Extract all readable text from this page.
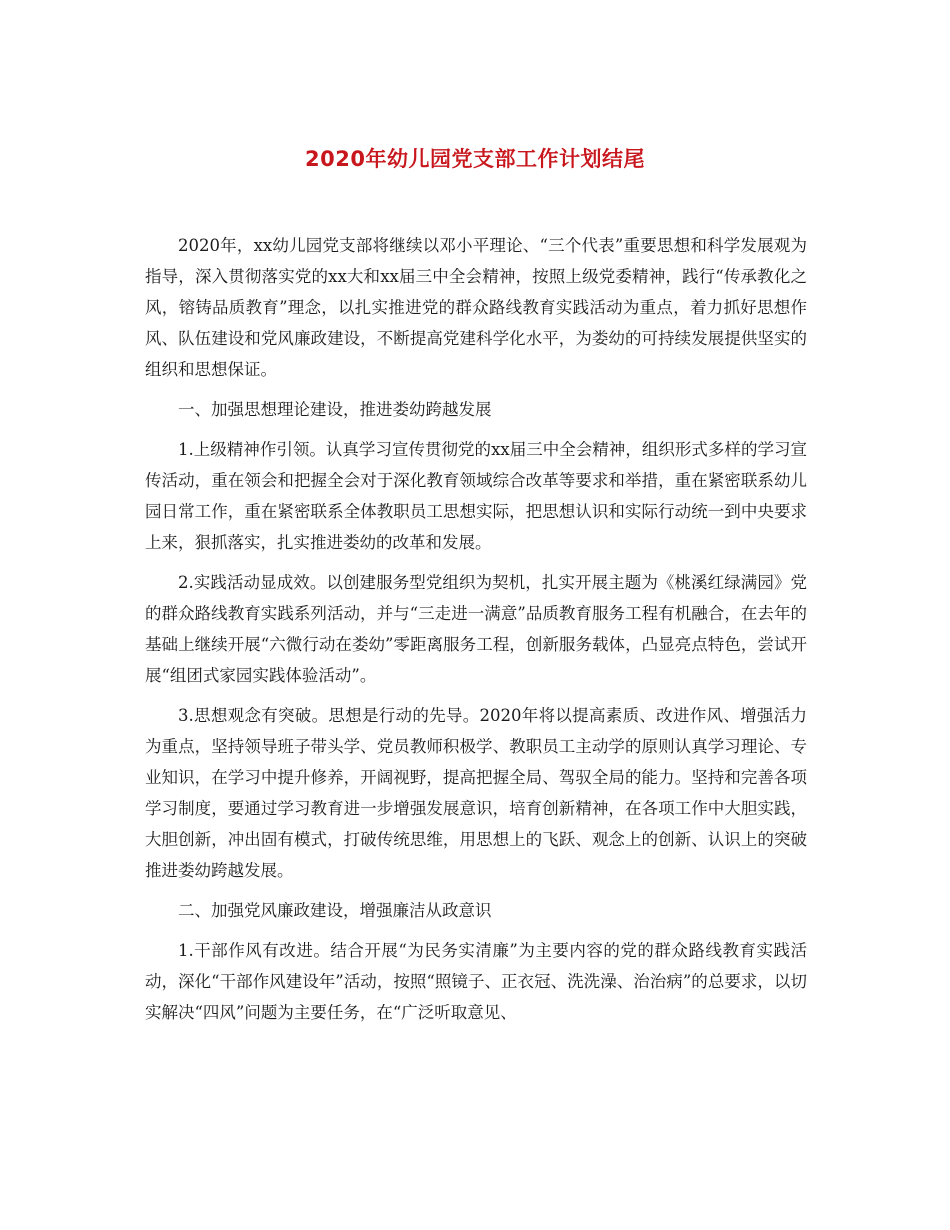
2020年幼儿园党支部工作计划结尾

2020年，xx幼儿园党支部将继续以邓小平理论、“三个代表”重要思想和科学发展观为指导，深入贯彻落实党的xx大和xx届三中全会精神，按照上级党委精神，践行“传承教化之风，镕铸品质教育”理念，以扎实推进党的群众路线教育实践活动为重点，着力抓好思想作风、队伍建设和党风廉政建设，不断提高党建科学化水平，为娄幼的可持续发展提供坚实的组织和思想保证。

一、加强思想理论建设，推进娄幼跨越发展

1.上级精神作引领。认真学习宣传贯彻党的xx届三中全会精神，组织形式多样的学习宣传活动，重在领会和把握全会对于深化教育领域综合改革等要求和举措，重在紧密联系幼儿园日常工作，重在紧密联系全体教职员工思想实际，把思想认识和实际行动统一到中央要求上来，狠抓落实，扎实推进娄幼的改革和发展。

2.实践活动显成效。以创建服务型党组织为契机，扎实开展主题为《桃溪红绿满园》党的群众路线教育实践系列活动，并与“三走进一满意”品质教育服务工程有机融合，在去年的基础上继续开展“六微行动在娄幼”零距离服务工程，创新服务载体，凸显亮点特色，尝试开展“组团式家园实践体验活动”。

3.思想观念有突破。思想是行动的先导。2020年将以提高素质、改进作风、增强活力为重点，坚持领导班子带头学、党员教师积极学、教职员工主动学的原则认真学习理论、专业知识，在学习中提升修养，开阔视野，提高把握全局、驾驭全局的能力。坚持和完善各项学习制度，要通过学习教育进一步增强发展意识，培育创新精神，在各项工作中大胆实践，大胆创新，冲出固有模式，打破传统思维，用思想上的飞跃、观念上的创新、认识上的突破推进娄幼跨越发展。

二、加强党风廉政建设，增强廉洁从政意识

1.干部作风有改进。结合开展“为民务实清廉”为主要内容的党的群众路线教育实践活动，深化“干部作风建设年”活动，按照“照镜子、正衣冠、洗洗澡、治治病”的总要求，以切实解决“四风”问题为主要任务，在“广泛听取意见、
